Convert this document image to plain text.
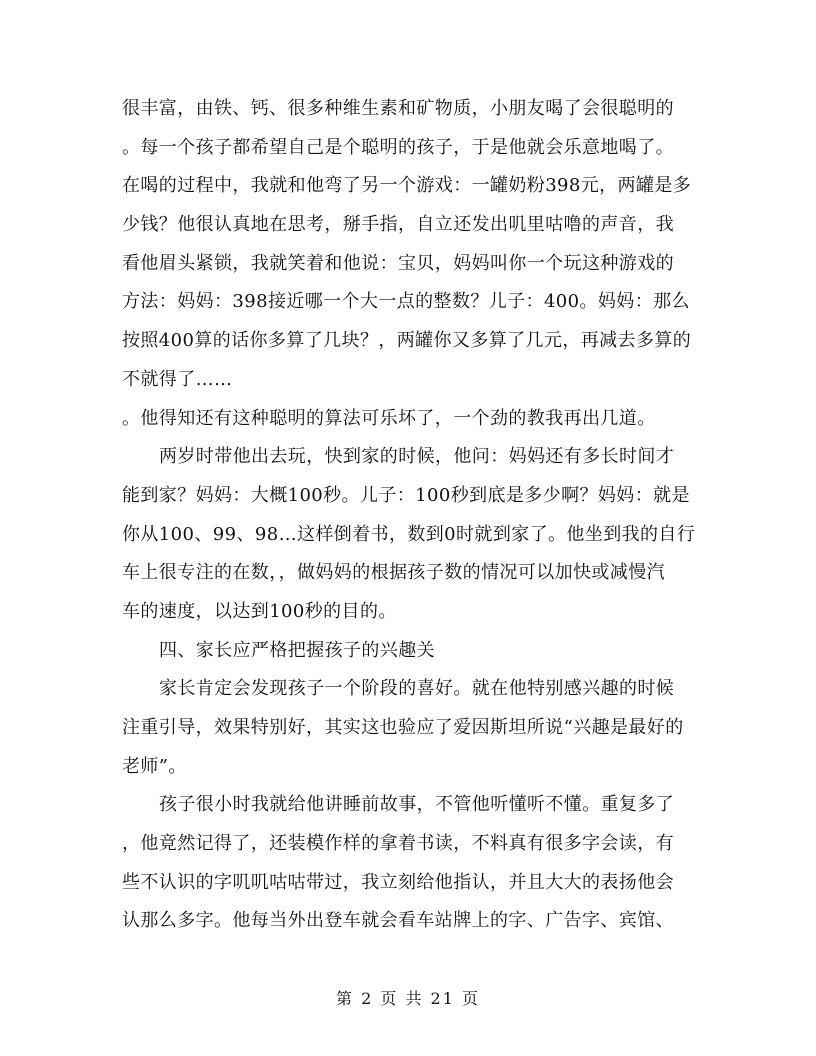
很丰富，由铁、钙、很多种维生素和矿物质，小朋友喝了会很聪明的
。每一个孩子都希望自己是个聪明的孩子，于是他就会乐意地喝了。
在喝的过程中，我就和他弯了另一个游戏：一罐奶粉398元，两罐是多
少钱？他很认真地在思考，掰手指，自立还发出叽里咕噜的声音，我
看他眉头紧锁，我就笑着和他说：宝贝，妈妈叫你一个玩这种游戏的
方法：妈妈：398接近哪一个大一点的整数？儿子：400。妈妈：那么
按照400算的话你多算了几块？，两罐你又多算了几元，再减去多算的
不就得了……
。他得知还有这种聪明的算法可乐坏了，一个劲的教我再出几道。
两岁时带他出去玩，快到家的时候，他问：妈妈还有多长时间才
能到家？妈妈：大概100秒。儿子：100秒到底是多少啊？妈妈：就是
你从100、99、98…这样倒着书，数到0时就到家了。他坐到我的自行
车上很专注的在数，，做妈妈的根据孩子数的情况可以加快或减慢汽
车的速度，以达到100秒的目的。
四、家长应严格把握孩子的兴趣关
家长肯定会发现孩子一个阶段的喜好。就在他特别感兴趣的时候
注重引导，效果特别好，其实这也验应了爱因斯坦所说“兴趣是最好的
老师”。
孩子很小时我就给他讲睡前故事，不管他听懂听不懂。重复多了
，他竟然记得了，还装模作样的拿着书读，不料真有很多字会读，有
些不认识的字叽叽咕咕带过，我立刻给他指认，并且大大的表扬他会
认那么多字。他每当外出登车就会看车站牌上的字、广告字、宾馆、
第 2 页 共 21 页
